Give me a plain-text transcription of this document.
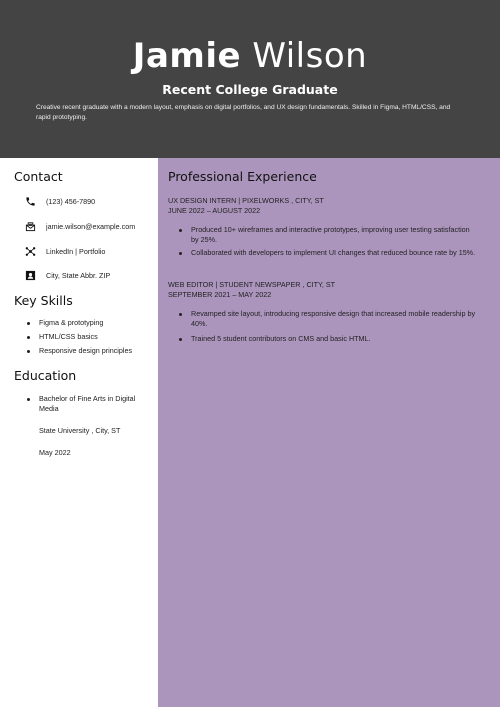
Jamie Wilson
Recent College Graduate
Creative recent graduate with a modern layout, emphasis on digital portfolios, and UX design fundamentals. Skilled in Figma, HTML/CSS, and rapid prototyping.
Contact
(123) 456-7890
jamie.wilson@example.com
LinkedIn | Portfolio
City, State Abbr. ZIP
Key Skills
Figma & prototyping
HTML/CSS basics
Responsive design principles
Education
Bachelor of Fine Arts in Digital Media
State University , City, ST
May 2022
Professional Experience
UX DESIGN INTERN | PIXELWORKS , CITY, ST
JUNE 2022 – AUGUST 2022
Produced 10+ wireframes and interactive prototypes, improving user testing satisfaction by 25%.
Collaborated with developers to implement UI changes that reduced bounce rate by 15%.
WEB EDITOR | STUDENT NEWSPAPER , CITY, ST
SEPTEMBER 2021 – MAY 2022
Revamped site layout, introducing responsive design that increased mobile readership by 40%.
Trained 5 student contributors on CMS and basic HTML.
